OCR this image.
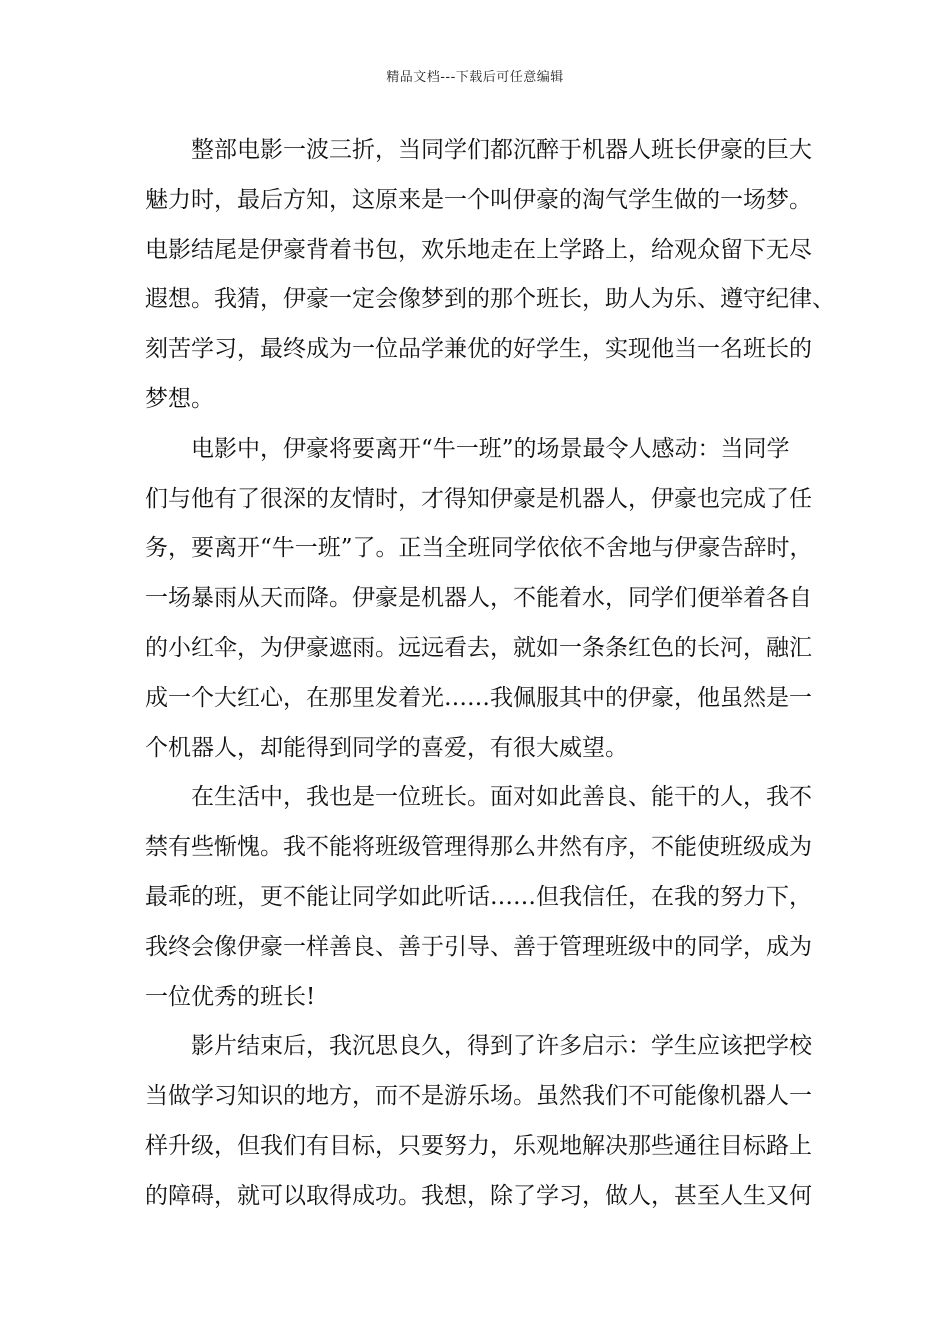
精品文档---下载后可任意编辑

整部电影一波三折，当同学们都沉醉于机器人班长伊豪的巨大
魅力时，最后方知，这原来是一个叫伊豪的淘气学生做的一场梦。
电影结尾是伊豪背着书包，欢乐地走在上学路上，给观众留下无尽
遐想。我猜，伊豪一定会像梦到的那个班长，助人为乐、遵守纪律、
刻苦学习，最终成为一位品学兼优的好学生，实现他当一名班长的
梦想。

电影中，伊豪将要离开“牛一班”的场景最令人感动：当同学
们与他有了很深的友情时，才得知伊豪是机器人，伊豪也完成了任
务，要离开“牛一班”了。正当全班同学依依不舍地与伊豪告辞时，
一场暴雨从天而降。伊豪是机器人，不能着水，同学们便举着各自
的小红伞，为伊豪遮雨。远远看去，就如一条条红色的长河，融汇
成一个大红心，在那里发着光……我佩服其中的伊豪，他虽然是一
个机器人，却能得到同学的喜爱，有很大威望。

在生活中，我也是一位班长。面对如此善良、能干的人，我不
禁有些惭愧。我不能将班级管理得那么井然有序，不能使班级成为
最乖的班，更不能让同学如此听话……但我信任，在我的努力下，
我终会像伊豪一样善良、善于引导、善于管理班级中的同学，成为
一位优秀的班长!

影片结束后，我沉思良久，得到了许多启示：学生应该把学校
当做学习知识的地方，而不是游乐场。虽然我们不可能像机器人一
样升级，但我们有目标，只要努力，乐观地解决那些通往目标路上
的障碍，就可以取得成功。我想，除了学习，做人，甚至人生又何
